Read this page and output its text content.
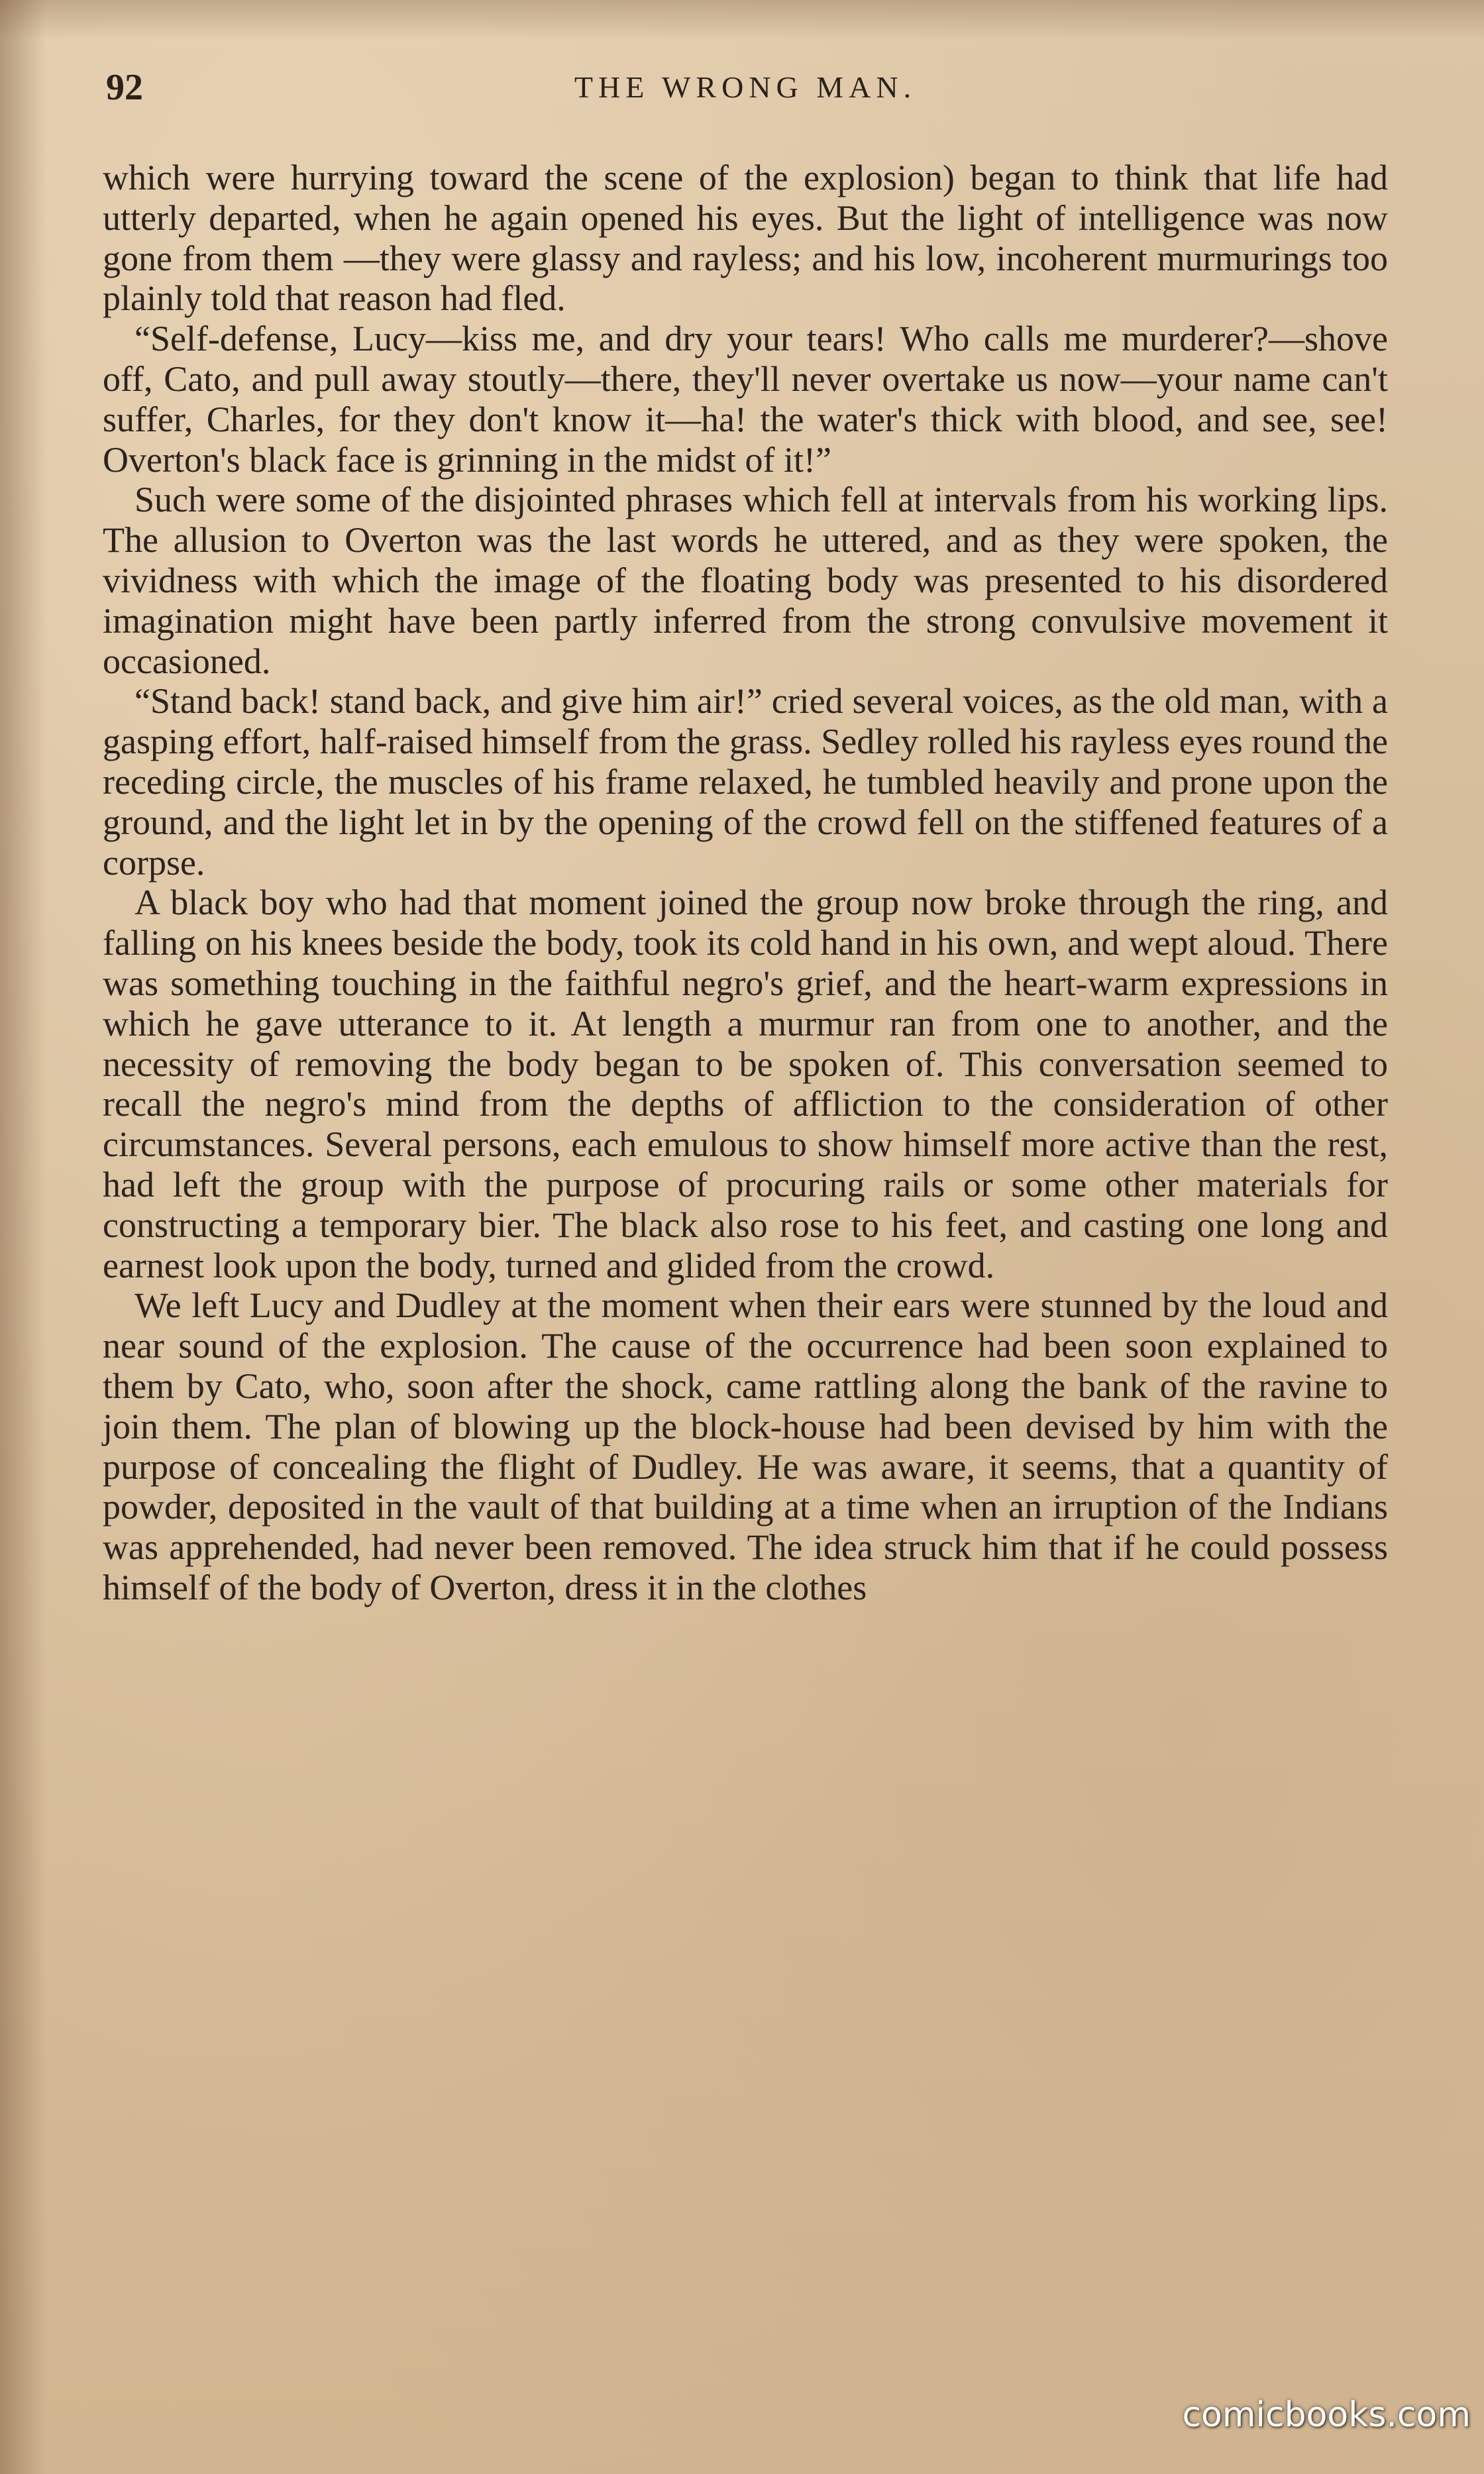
92	THE WRONG MAN.

which were hurrying toward the scene of the explosion) began to think that life had utterly departed, when he again opened his eyes. But the light of intelligence was now gone from them —they were glassy and rayless; and his low, incoherent murmurings too plainly told that reason had fled.

“Self-defense, Lucy—kiss me, and dry your tears! Who calls me murderer?—shove off, Cato, and pull away stoutly—there, they'll never overtake us now—your name can't suffer, Charles, for they don't know it—ha! the water's thick with blood, and see, see! Overton's black face is grinning in the midst of it!”

Such were some of the disjointed phrases which fell at intervals from his working lips. The allusion to Overton was the last words he uttered, and as they were spoken, the vividness with which the image of the floating body was presented to his disordered imagination might have been partly inferred from the strong convulsive movement it occasioned.

“Stand back! stand back, and give him air!” cried several voices, as the old man, with a gasping effort, half-raised himself from the grass. Sedley rolled his rayless eyes round the receding circle, the muscles of his frame relaxed, he tumbled heavily and prone upon the ground, and the light let in by the opening of the crowd fell on the stiffened features of a corpse.

A black boy who had that moment joined the group now broke through the ring, and falling on his knees beside the body, took its cold hand in his own, and wept aloud. There was something touching in the faithful negro's grief, and the heart-warm expressions in which he gave utterance to it. At length a murmur ran from one to another, and the necessity of removing the body began to be spoken of. This conversation seemed to recall the negro's mind from the depths of affliction to the consideration of other circumstances. Several persons, each emulous to show himself more active than the rest, had left the group with the purpose of procuring rails or some other materials for constructing a temporary bier. The black also rose to his feet, and casting one long and earnest look upon the body, turned and glided from the crowd.

We left Lucy and Dudley at the moment when their ears were stunned by the loud and near sound of the explosion. The cause of the occurrence had been soon explained to them by Cato, who, soon after the shock, came rattling along the bank of the ravine to join them. The plan of blowing up the block-house had been devised by him with the purpose of concealing the flight of Dudley. He was aware, it seems, that a quantity of powder, deposited in the vault of that building at a time when an irruption of the Indians was apprehended, had never been removed. The idea struck him that if he could possess himself of the body of Overton, dress it in the clothes

comicbooks.com
